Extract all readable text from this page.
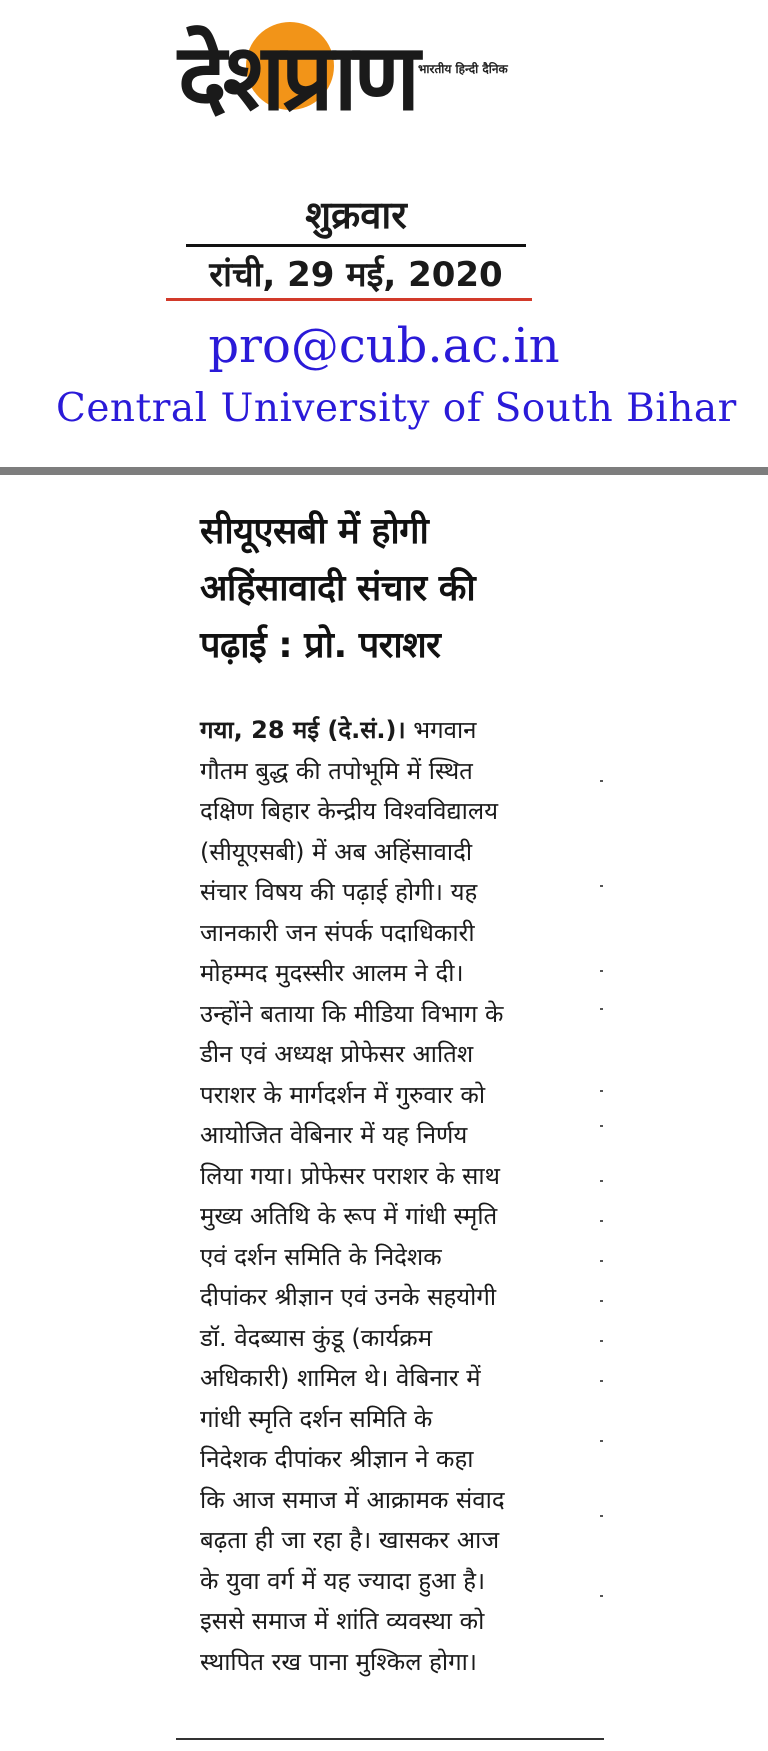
देशप्राण भारतीय हिन्दी दैनिक
शुक्रवार
रांची, 29 मई, 2020
pro@cub.ac.in
Central University of South Bihar
सीयूएसबी में होगी
अहिंसावादी संचार की
पढ़ाई : प्रो. पराशर
गया, 28 मई (दे.सं.)। भगवान
गौतम बुद्ध की तपोभूमि में स्थित
दक्षिण बिहार केन्द्रीय विश्वविद्यालय
(सीयूएसबी) में अब अहिंसावादी
संचार विषय की पढ़ाई होगी। यह
जानकारी जन संपर्क पदाधिकारी
मोहम्मद मुदस्सीर आलम ने दी।
उन्होंने बताया कि मीडिया विभाग के
डीन एवं अध्यक्ष प्रोफेसर आतिश
पराशर के मार्गदर्शन में गुरुवार को
आयोजित वेबिनार में यह निर्णय
लिया गया। प्रोफेसर पराशर के साथ
मुख्य अतिथि के रूप में गांधी स्मृति
एवं दर्शन समिति के निदेशक
दीपांकर श्रीज्ञान एवं उनके सहयोगी
डॉ. वेदब्यास कुंडू (कार्यक्रम
अधिकारी) शामिल थे। वेबिनार में
गांधी स्मृति दर्शन समिति के
निदेशक दीपांकर श्रीज्ञान ने कहा
कि आज समाज में आक्रामक संवाद
बढ़ता ही जा रहा है। खासकर आज
के युवा वर्ग में यह ज्यादा हुआ है।
इससे समाज में शांति व्यवस्था को
स्थापित रख पाना मुश्किल होगा।
